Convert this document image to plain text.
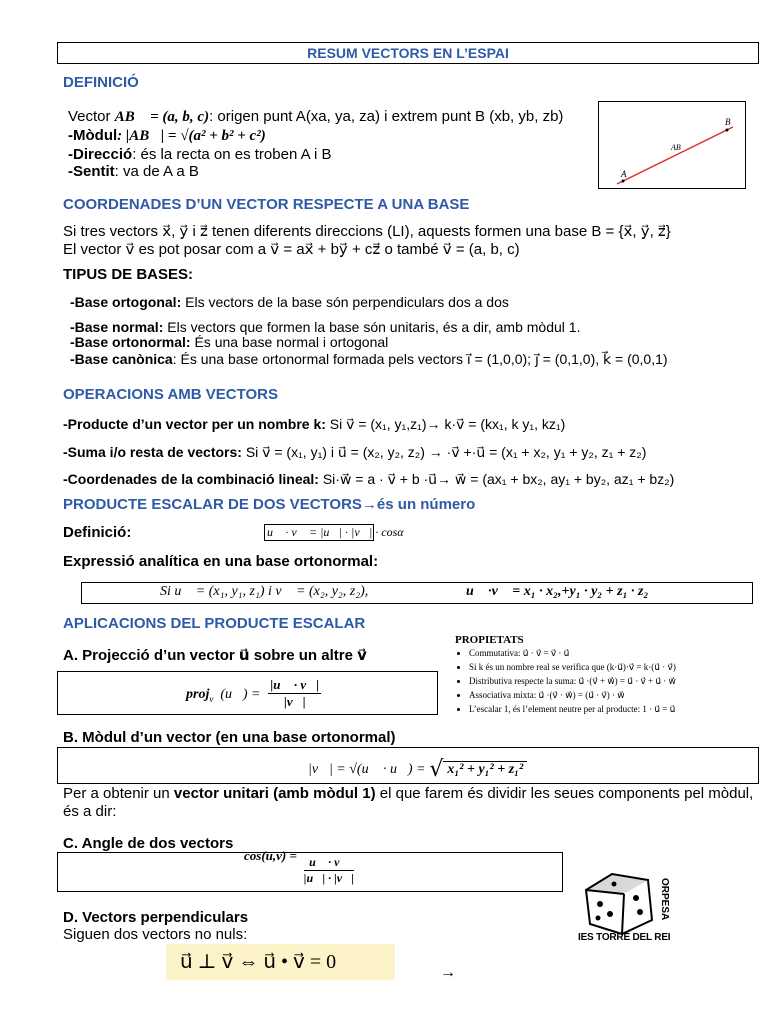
RESUM VECTORS EN L’ESPAI
DEFINICIÓ
Vector AB⃗ = (a, b, c): origen punt A(xa, ya, za) i extrem punt B (xb, yb, zb)
-Mòdul: |AB⃗| = √(a² + b² + c²)
-Direcció: és la recta on es troben A i B
-Sentit: va de A a B	A
B
AB⃗
COORDENADES D’UN VECTOR RESPECTE A UNA BASE
Si tres vectors x⃗, y⃗ i z⃗ tenen diferents direccions (LI), aquests formen una base B = {x⃗, y⃗, z⃗}
El vector v⃗ es pot posar com a v⃗ = ax⃗ + by⃗ + cz⃗ o també v⃗ = (a, b, c)
TIPUS DE BASES:
-Base ortogonal: Els vectors de la base són perpendiculars dos a dos
-Base normal: Els vectors que formen la base són unitaris, és a dir, amb mòdul 1.
-Base ortonormal: És una base normal i ortogonal
-Base canònica: És una base ortonormal formada pels vectors i⃗ = (1,0,0); j⃗ = (0,1,0), k⃗ = (0,0,1)
OPERACIONS AMB VECTORS
-Producte d’un vector per un nombre k: Si v⃗ = (x₁, y₁,z₁)→ k·v⃗ = (kx₁, k y₁, kz₁)
-Suma i/o resta de vectors: Si v⃗ = (x₁, y₁) i u⃗ = (x₂, y₂, z₂) → ·v⃗ +·u⃗ = (x₁ + x₂, y₁ + y₂, z₁ + z₂)
-Coordenades de la combinació lineal: Si·w⃗ = a · v⃗ + b ·u⃗→ w⃗ = (ax₁ + bx₂, ay₁ + by₂, az₁ + bz₂)
PRODUCTE ESCALAR DE DOS VECTORS→és un número
Definició:	u⃗ · v⃗ = |u⃗| · |v⃗| · cosα
Expressió analítica en una base ortonormal:
Si u⃗ = (x₁, y₁, z₁) i v⃗ = (x₂, y₂, z₂),	u⃗ ·v⃗ = x₁ · x₂,+y₁ · y₂ + z₁ · z₂
APLICACIONS DEL PRODUCTE ESCALAR
A. Projecció d’un vector u⃗ sobre un altre v⃗
proj$_{v⃗}$(u⃗) = $\frac{|u⃗ \cdot v⃗|}{|v⃗|}$
PROPIETATS
• Commutativa: u⃗ · v⃗ = v⃗ · u⃗
• Si k és un nombre real se verifica que (k·u⃗)·v⃗ = k·(u⃗ · v⃗)
• Distributiva respecte la suma: u⃗ ·(v⃗ + w⃗) = u⃗ · v⃗ + u⃗ · w⃗
• Associativa mixta: u⃗ ·(v⃗ · w⃗) = (u⃗ · v⃗) · w⃗
• L’escalar 1, és l’element neutre per al producte: 1 · u⃗ = u⃗
B. Mòdul d’un vector (en una base ortonormal)
|v⃗| = √(u⃗ · u⃗) = √ x₁² + y₁² + z₁²
Per a obtenir un vector unitari (amb mòdul 1) el que farem és dividir les seues components pel mòdul, és a dir:
C. Angle de dos vectors
$\cos(u,v) = \frac{u⃗ \cdot v⃗}{|u⃗| \cdot |v⃗|}$
D. Vectors perpendiculars
Siguen dos vectors no nuls:
u⃗ ⊥ v⃗ ⇔ u⃗ • v⃗ = 0	→
ORPESA
IES TORRE DEL REI
